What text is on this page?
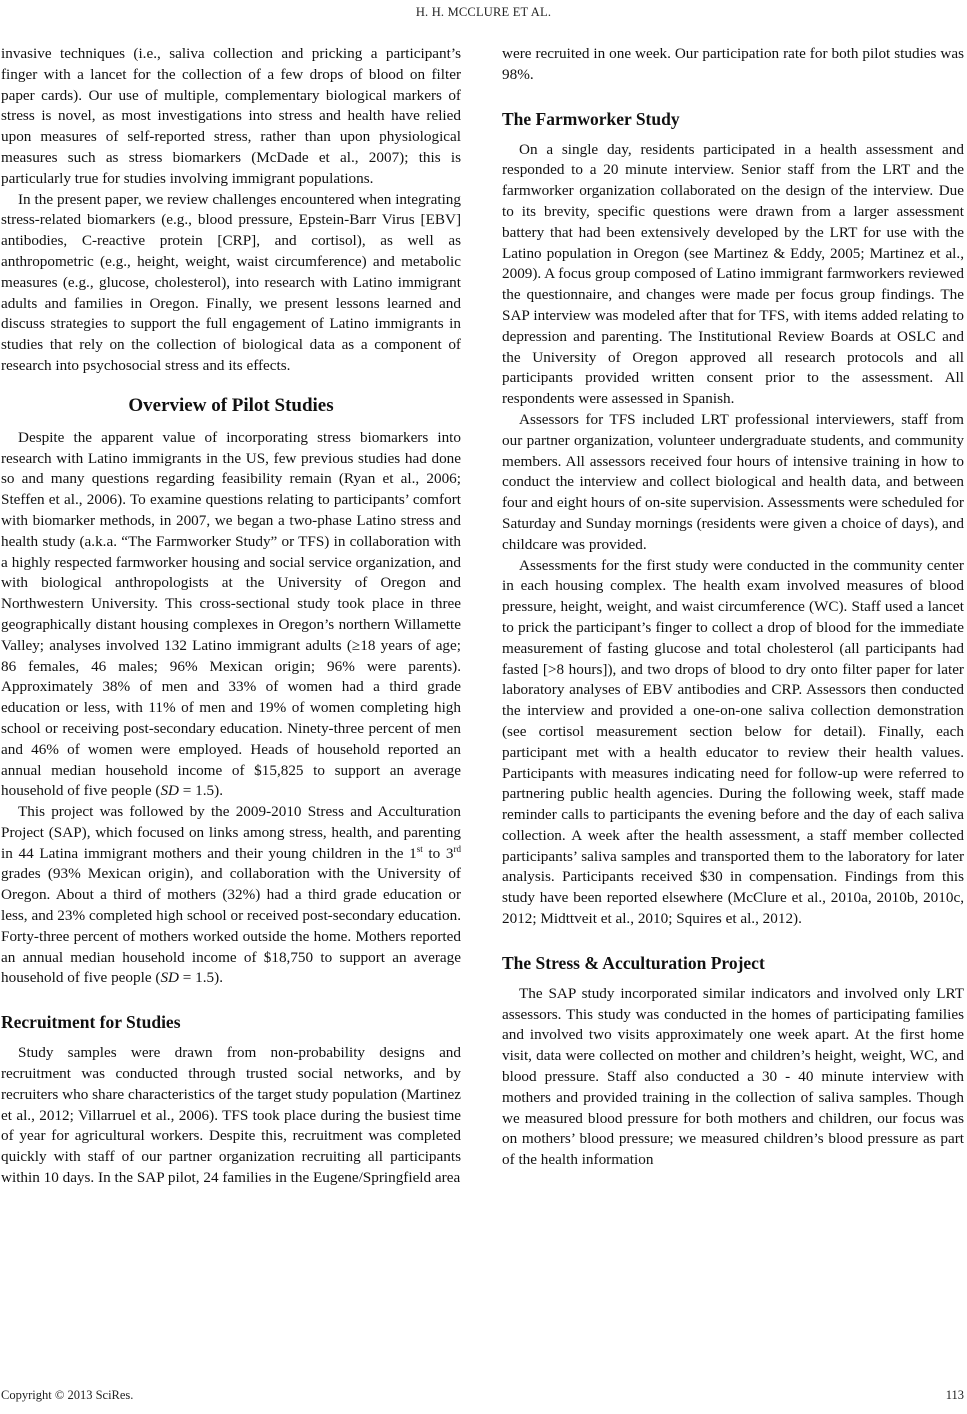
H. H. MCCLURE ET AL.

invasive techniques (i.e., saliva collection and pricking a participant’s finger with a lancet for the collection of a few drops of blood on filter paper cards). Our use of multiple, complementary biological markers of stress is novel, as most investigations into stress and health have relied upon measures of self-reported stress, rather than upon physiological measures such as stress biomarkers (McDade et al., 2007); this is particularly true for studies involving immigrant populations.

In the present paper, we review challenges encountered when integrating stress-related biomarkers (e.g., blood pressure, Epstein-Barr Virus [EBV] antibodies, C-reactive protein [CRP], and cortisol), as well as anthropometric (e.g., height, weight, waist circumference) and metabolic measures (e.g., glucose, cholesterol), into research with Latino immigrant adults and families in Oregon. Finally, we present lessons learned and discuss strategies to support the full engagement of Latino immigrants in studies that rely on the collection of biological data as a component of research into psychosocial stress and its effects.

Overview of Pilot Studies

Despite the apparent value of incorporating stress biomarkers into research with Latino immigrants in the US, few previous studies had done so and many questions regarding feasibility remain (Ryan et al., 2006; Steffen et al., 2006). To examine questions relating to participants’ comfort with biomarker methods, in 2007, we began a two-phase Latino stress and health study (a.k.a. “The Farmworker Study” or TFS) in collaboration with a highly respected farmworker housing and social service organization, and with biological anthropologists at the University of Oregon and Northwestern University. This cross-sectional study took place in three geographically distant housing complexes in Oregon’s northern Willamette Valley; analyses involved 132 Latino immigrant adults (≥18 years of age; 86 females, 46 males; 96% Mexican origin; 96% were parents). Approximately 38% of men and 33% of women had a third grade education or less, with 11% of men and 19% of women completing high school or receiving post-secondary education. Ninety-three percent of men and 46% of women were employed. Heads of household reported an annual median household income of $15,825 to support an average household of five people (SD = 1.5).

This project was followed by the 2009-2010 Stress and Acculturation Project (SAP), which focused on links among stress, health, and parenting in 44 Latina immigrant mothers and their young children in the 1st to 3rd grades (93% Mexican origin), and collaboration with the University of Oregon. About a third of mothers (32%) had a third grade education or less, and 23% completed high school or received post-secondary education. Forty-three percent of mothers worked outside the home. Mothers reported an annual median household income of $18,750 to support an average household of five people (SD = 1.5).

Recruitment for Studies

Study samples were drawn from non-probability designs and recruitment was conducted through trusted social networks, and by recruiters who share characteristics of the target study population (Martinez et al., 2012; Villarruel et al., 2006). TFS took place during the busiest time of year for agricultural workers. Despite this, recruitment was completed quickly with staff of our partner organization recruiting all participants within 10 days. In the SAP pilot, 24 families in the Eugene/Springfield area

were recruited in one week. Our participation rate for both pilot studies was 98%.

The Farmworker Study

On a single day, residents participated in a health assessment and responded to a 20 minute interview. Senior staff from the LRT and the farmworker organization collaborated on the design of the interview. Due to its brevity, specific questions were drawn from a larger assessment battery that had been extensively developed by the LRT for use with the Latino population in Oregon (see Martinez & Eddy, 2005; Martinez et al., 2009). A focus group composed of Latino immigrant farmworkers reviewed the questionnaire, and changes were made per focus group findings. The SAP interview was modeled after that for TFS, with items added relating to depression and parenting. The Institutional Review Boards at OSLC and the University of Oregon approved all research protocols and all participants provided written consent prior to the assessment. All respondents were assessed in Spanish.

Assessors for TFS included LRT professional interviewers, staff from our partner organization, volunteer undergraduate students, and community members. All assessors received four hours of intensive training in how to conduct the interview and collect biological and health data, and between four and eight hours of on-site supervision. Assessments were scheduled for Saturday and Sunday mornings (residents were given a choice of days), and childcare was provided.

Assessments for the first study were conducted in the community center in each housing complex. The health exam involved measures of blood pressure, height, weight, and waist circumference (WC). Staff used a lancet to prick the participant’s finger to collect a drop of blood for the immediate measurement of fasting glucose and total cholesterol (all participants had fasted [>8 hours]), and two drops of blood to dry onto filter paper for later laboratory analyses of EBV antibodies and CRP. Assessors then conducted the interview and provided a one-on-one saliva collection demonstration (see cortisol measurement section below for detail). Finally, each participant met with a health educator to review their health values. Participants with measures indicating need for follow-up were referred to partnering public health agencies. During the following week, staff made reminder calls to participants the evening before and the day of each saliva collection. A week after the health assessment, a staff member collected participants’ saliva samples and transported them to the laboratory for later analysis. Participants received $30 in compensation. Findings from this study have been reported elsewhere (McClure et al., 2010a, 2010b, 2010c, 2012; Midttveit et al., 2010; Squires et al., 2012).

The Stress & Acculturation Project

The SAP study incorporated similar indicators and involved only LRT assessors. This study was conducted in the homes of participating families and involved two visits approximately one week apart. At the first home visit, data were collected on mother and children’s height, weight, WC, and blood pressure. Staff also conducted a 30 - 40 minute interview with mothers and provided training in the collection of saliva samples. Though we measured blood pressure for both mothers and children, our focus was on mothers’ blood pressure; we measured children’s blood pressure as part of the health information

Copyright © 2013 SciRes.	113
